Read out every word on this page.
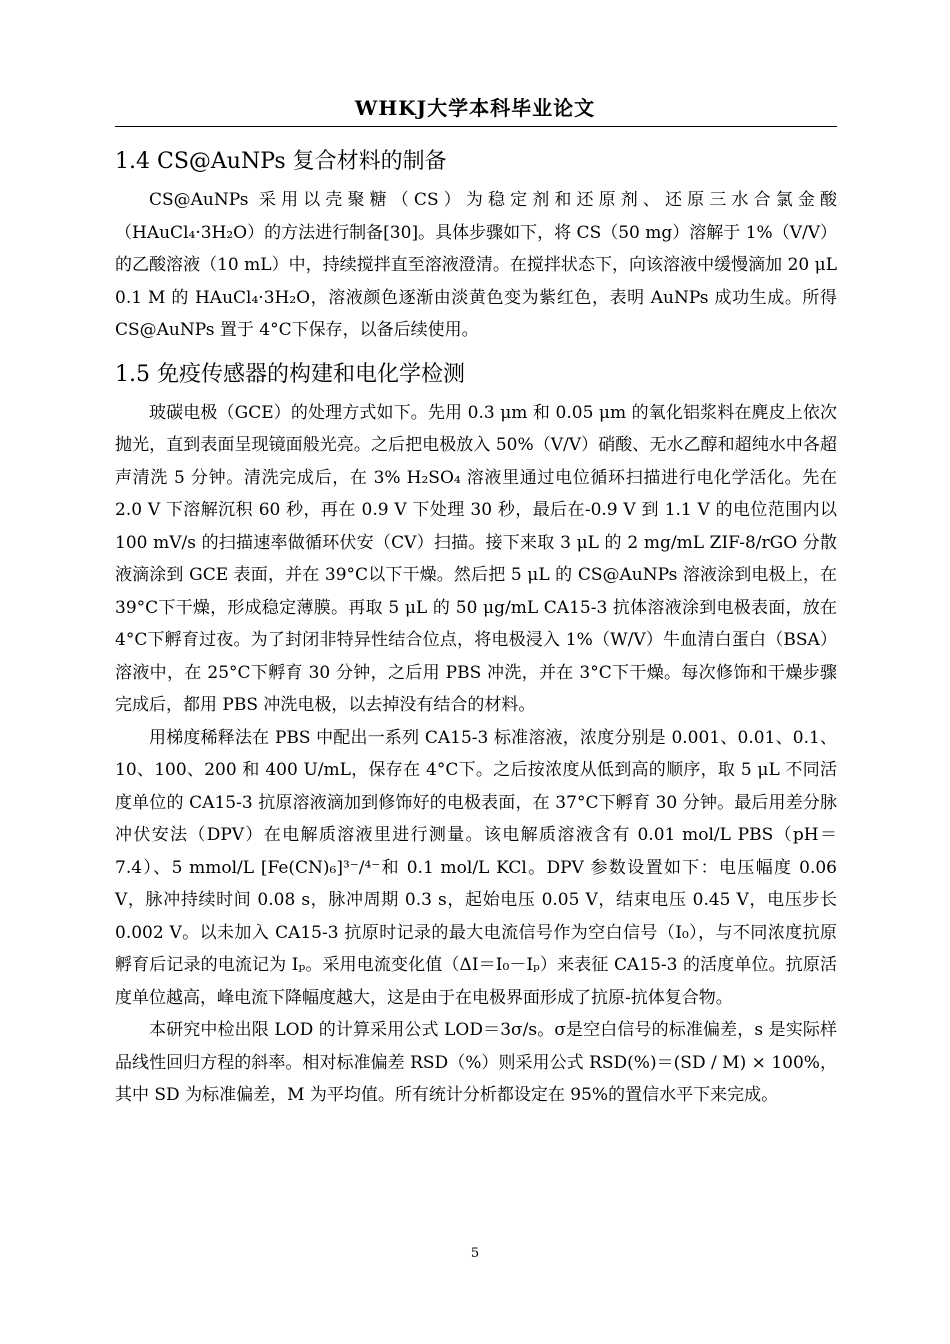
WHKJ大学本科毕业论文
1.4 CS@AuNPs 复合材料的制备

CS@AuNPs 采用以壳聚糖（CS）为稳定剂和还原剂、还原三水合氯金酸（HAuCl₄·3H₂O）的方法进行制备[30]。具体步骤如下，将 CS（50 mg）溶解于 1%（V/V）的乙酸溶液（10 mL）中，持续搅拌直至溶液澄清。在搅拌状态下，向该溶液中缓慢滴加 20 μL 0.1 M 的 HAuCl₄·3H₂O，溶液颜色逐渐由淡黄色变为紫红色，表明 AuNPs 成功生成。所得 CS@AuNPs 置于 4°C下保存，以备后续使用。

1.5 免疫传感器的构建和电化学检测

玻碳电极（GCE）的处理方式如下。先用 0.3 μm 和 0.05 μm 的氧化铝浆料在麂皮上依次抛光，直到表面呈现镜面般光亮。之后把电极放入 50%（V/V）硝酸、无水乙醇和超纯水中各超声清洗 5 分钟。清洗完成后，在 3% H₂SO₄ 溶液里通过电位循环扫描进行电化学活化。先在 2.0 V 下溶解沉积 60 秒，再在 0.9 V 下处理 30 秒，最后在-0.9 V 到 1.1 V 的电位范围内以 100 mV/s 的扫描速率做循环伏安（CV）扫描。接下来取 3 μL 的 2 mg/mL ZIF-8/rGO 分散液滴涂到 GCE 表面，并在 39°C以下干燥。然后把 5 μL 的 CS@AuNPs 溶液涂到电极上，在 39°C下干燥，形成稳定薄膜。再取 5 μL 的 50 μg/mL CA15-3 抗体溶液涂到电极表面，放在 4°C下孵育过夜。为了封闭非特异性结合位点，将电极浸入 1%（W/V）牛血清白蛋白（BSA）溶液中，在 25°C下孵育 30 分钟，之后用 PBS 冲洗，并在 3°C下干燥。每次修饰和干燥步骤完成后，都用 PBS 冲洗电极，以去掉没有结合的材料。

用梯度稀释法在 PBS 中配出一系列 CA15-3 标准溶液，浓度分别是 0.001、0.01、0.1、10、100、200 和 400 U/mL，保存在 4°C下。之后按浓度从低到高的顺序，取 5 μL 不同活度单位的 CA15-3 抗原溶液滴加到修饰好的电极表面，在 37°C下孵育 30 分钟。最后用差分脉冲伏安法（DPV）在电解质溶液里进行测量。该电解质溶液含有 0.01 mol/L PBS（pH＝7.4）、5 mmol/L [Fe(CN)₆]³⁻/⁴⁻和 0.1 mol/L KCl。DPV 参数设置如下：电压幅度 0.06 V，脉冲持续时间 0.08 s，脉冲周期 0.3 s，起始电压 0.05 V，结束电压 0.45 V，电压步长 0.002 V。以未加入 CA15-3 抗原时记录的最大电流信号作为空白信号（I₀），与不同浓度抗原孵育后记录的电流记为 Iₚ。采用电流变化值（ΔI＝I₀－Iₚ）来表征 CA15-3 的活度单位。抗原活度单位越高，峰电流下降幅度越大，这是由于在电极界面形成了抗原-抗体复合物。

本研究中检出限 LOD 的计算采用公式 LOD＝3σ/s。σ是空白信号的标准偏差，s 是实际样品线性回归方程的斜率。相对标准偏差 RSD（%）则采用公式 RSD(%)＝(SD / M) × 100%，其中 SD 为标准偏差，M 为平均值。所有统计分析都设定在 95%的置信水平下来完成。

5
